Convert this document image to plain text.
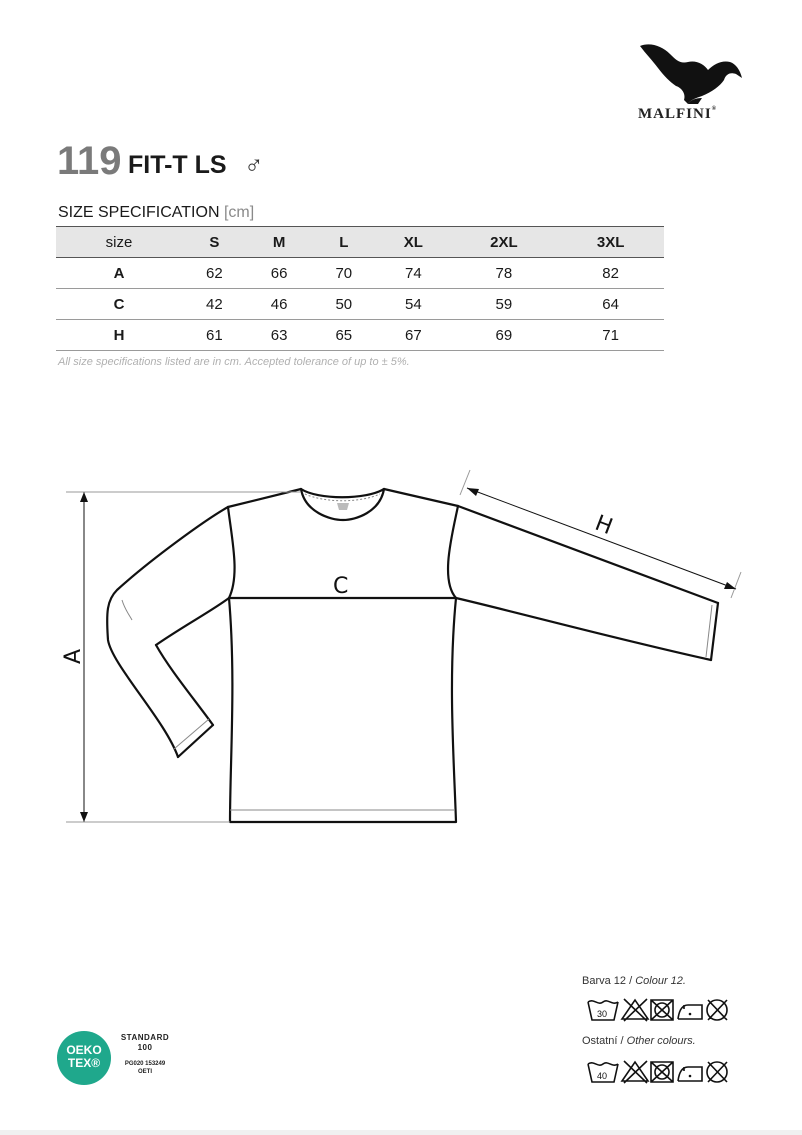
MALFINI®
119 FIT-T LS ♂
SIZE SPECIFICATION [cm]
size	S	M	L	XL	2XL	3XL
A	62	66	70	74	78	82
C	42	46	50	54	59	64
H	61	63	65	67	69	71
All size specifications listed are in cm. Accepted tolerance of up to ± 5%.
A
C
H
Barva 12 / Colour 12.
30
Ostatní / Other colours.
40
OEKO
TEX®
STANDARD
100
PG020 153249
OETI
